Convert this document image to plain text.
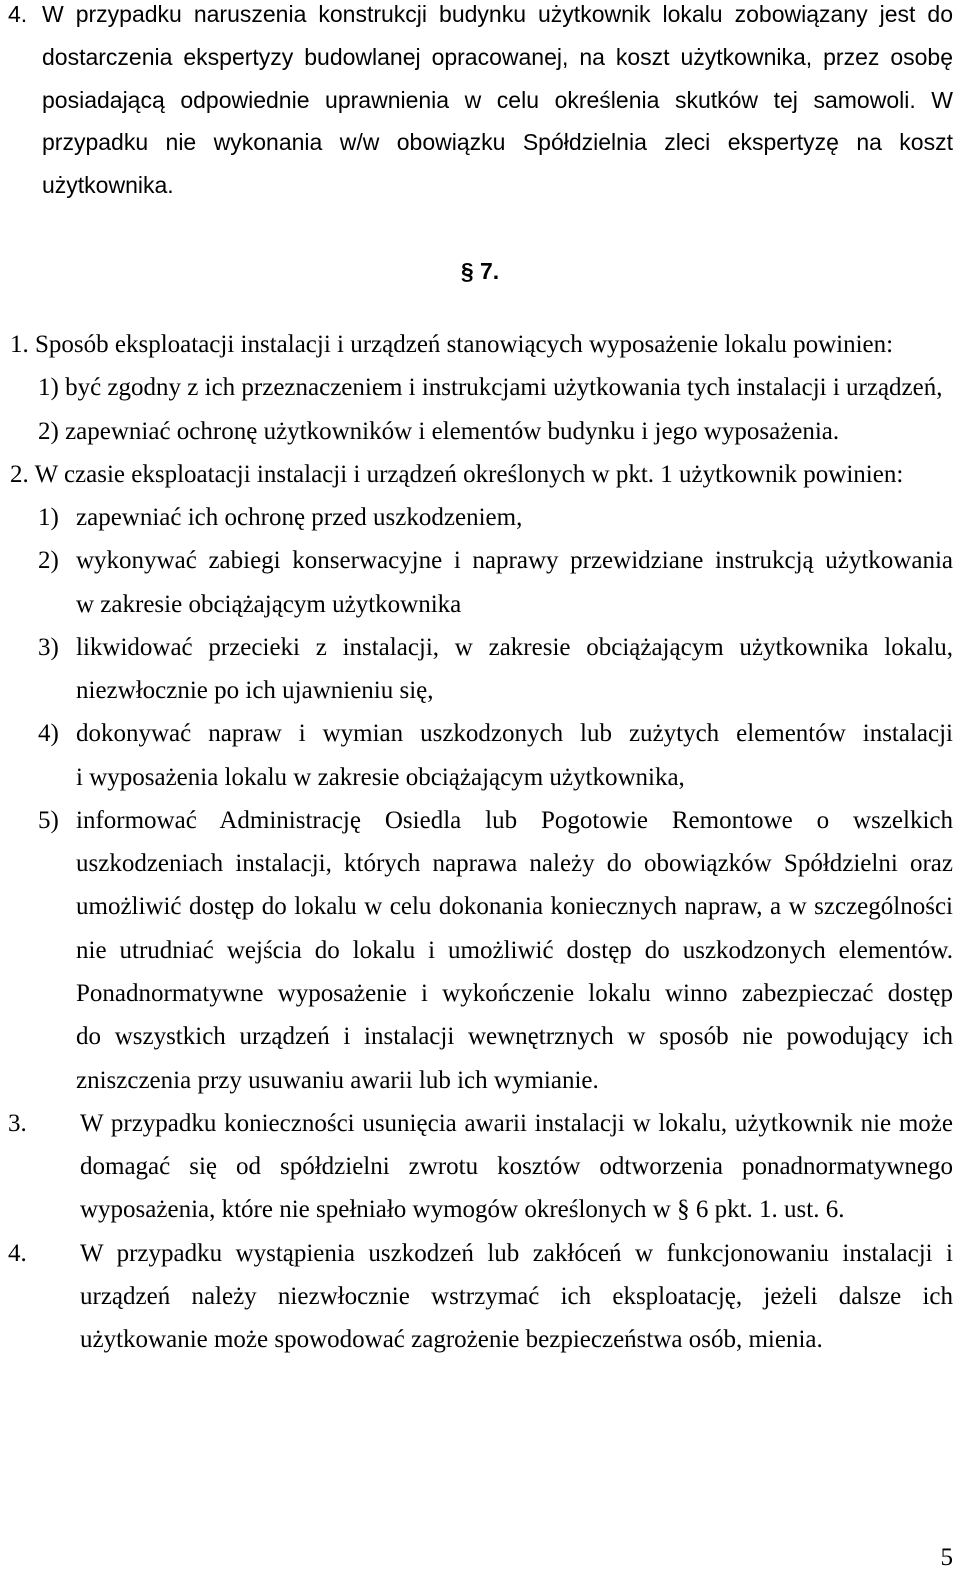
4. W przypadku naruszenia konstrukcji budynku użytkownik lokalu zobowiązany jest do
dostarczenia ekspertyzy budowlanej opracowanej, na koszt użytkownika, przez osobę
posiadającą odpowiednie uprawnienia w celu określenia skutków tej samowoli. W
przypadku nie wykonania w/w obowiązku Spółdzielnia zleci ekspertyzę na koszt
użytkownika.
§ 7.
1. Sposób eksploatacji instalacji i urządzeń stanowiących wyposażenie lokalu powinien:
1) być zgodny z ich przeznaczeniem i instrukcjami użytkowania tych instalacji i urządzeń,
2) zapewniać ochronę użytkowników i elementów budynku i jego wyposażenia.
2. W czasie eksploatacji instalacji i urządzeń określonych w pkt. 1 użytkownik powinien:
1) zapewniać ich ochronę przed uszkodzeniem,
2) wykonywać zabiegi konserwacyjne i naprawy przewidziane instrukcją użytkowania
w zakresie obciążającym użytkownika
3) likwidować przecieki z instalacji, w zakresie obciążającym użytkownika lokalu,
niezwłocznie po ich ujawnieniu się,
4) dokonywać napraw i wymian uszkodzonych lub zużytych elementów instalacji
i wyposażenia lokalu w zakresie obciążającym użytkownika,
5) informować Administrację Osiedla lub Pogotowie Remontowe o wszelkich
uszkodzeniach instalacji, których naprawa należy do obowiązków Spółdzielni oraz
umożliwić dostęp do lokalu w celu dokonania koniecznych napraw, a w szczególności
nie utrudniać wejścia do lokalu i umożliwić dostęp do uszkodzonych elementów.
Ponadnormatywne wyposażenie i wykończenie lokalu winno zabezpieczać dostęp
do wszystkich urządzeń i instalacji wewnętrznych w sposób nie powodujący ich
zniszczenia przy usuwaniu awarii lub ich wymianie.
3. W przypadku konieczności usunięcia awarii instalacji w lokalu, użytkownik nie może
domagać się od spółdzielni zwrotu kosztów odtworzenia ponadnormatywnego
wyposażenia, które nie spełniało wymogów określonych w § 6 pkt. 1. ust. 6.
4. W przypadku wystąpienia uszkodzeń lub zakłóceń w funkcjonowaniu instalacji i
urządzeń należy niezwłocznie wstrzymać ich eksploatację, jeżeli dalsze ich
użytkowanie może spowodować zagrożenie bezpieczeństwa osób, mienia.
5
